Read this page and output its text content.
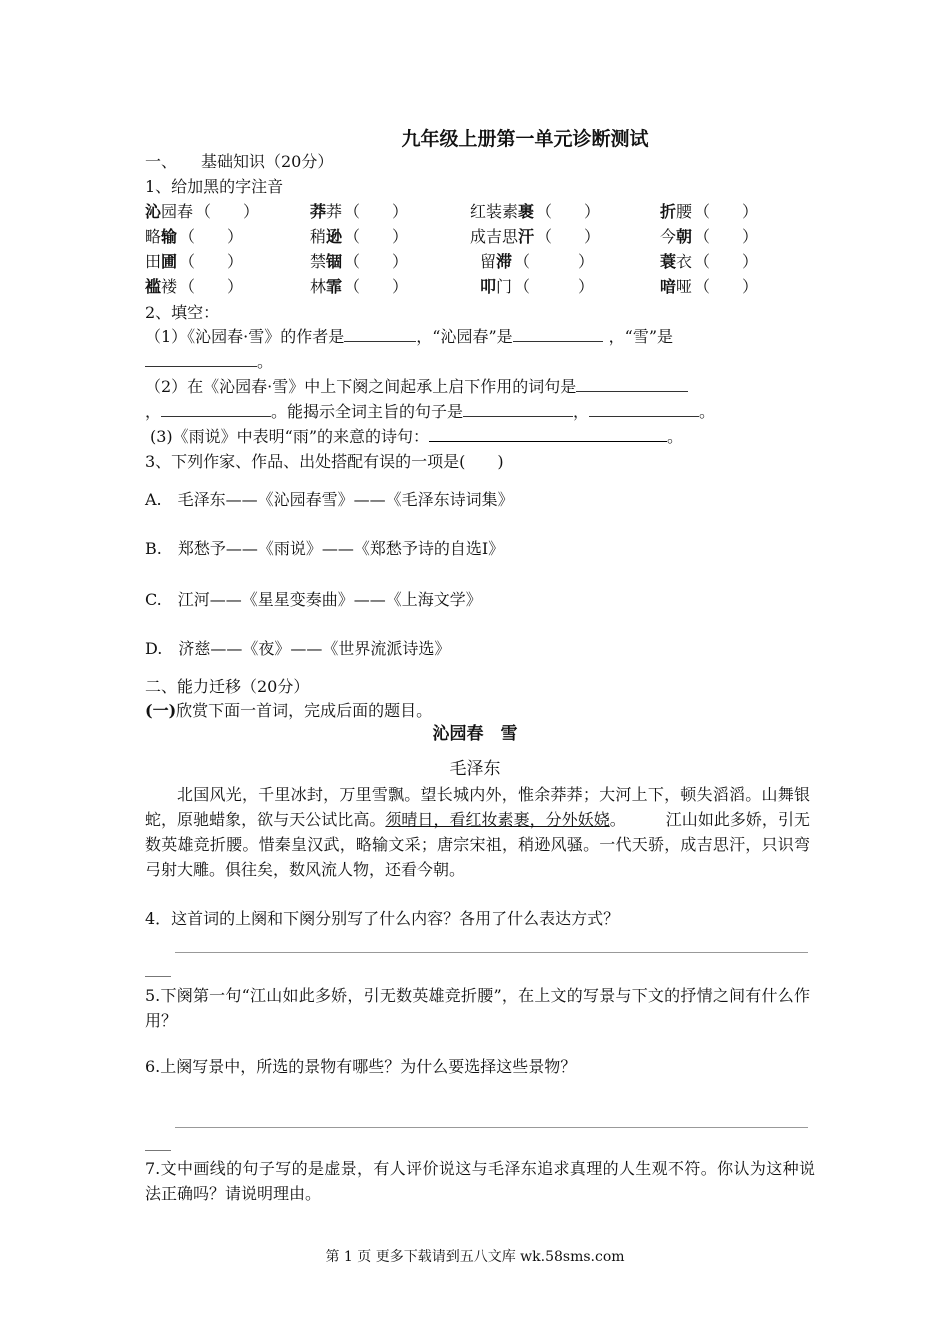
九年级上册第一单元诊断测试
一、　　基础知识（20分）
1、给加黑的字注音
沁园春 （　　）	莽莽 （　　）	红装素裹 （　　）	折腰 （　　）
略输 （　　）	稍逊 （　　）	成吉思汗 （　　）	今朝 （　　）
田圃 （　　）	禁锢 （　　）	留滞 （　　　）	蓑衣 （　　）
褴褛 （　　）	林霏 （　　）	叩门 （　　　）	喑哑 （　　）
2、填空：
（1）《沁园春·雪》的作者是	，“沁园春”是	，“雪”是
。
（2）在《沁园春·雪》中上下阕之间起承上启下作用的词句是
，	。能揭示全词主旨的句子是	，	。
(3)《雨说》中表明“雨”的来意的诗句：	。
3、下列作家、作品、出处搭配有误的一项是(　　)
A.　毛泽东——《沁园春雪》——《毛泽东诗词集》
B.　郑愁予——《雨说》——《郑愁予诗的自选Ⅰ》
C.　江河——《星星变奏曲》——《上海文学》
D.　济慈——《夜》——《世界流派诗选》
二、能力迁移（20分）
(一)欣赏下面一首词，完成后面的题目。
沁园春　雪
毛泽东
北国风光，千里冰封，万里雪飘。望长城内外，惟余莽莽；大河上下，顿失滔滔。山舞银蛇，原驰蜡象，欲与天公试比高。须晴日，看红妆素裹，分外妖娆。	江山如此多娇，引无数英雄竞折腰。惜秦皇汉武，略输文采；唐宗宋祖，稍逊风骚。一代天骄，成吉思汗，只识弯弓射大雕。俱往矣，数风流人物，还看今朝。
4．这首词的上阕和下阕分别写了什么内容？各用了什么表达方式？
5.下阕第一句“江山如此多娇，引无数英雄竞折腰”，在上文的写景与下文的抒情之间有什么作用？
6.上阕写景中，所选的景物有哪些？为什么要选择这些景物？
7.文中画线的句子写的是虚景，有人评价说这与毛泽东追求真理的人生观不符。你认为这种说法正确吗？请说明理由。
第 1 页 更多下载请到五八文库 wk.58sms.com
